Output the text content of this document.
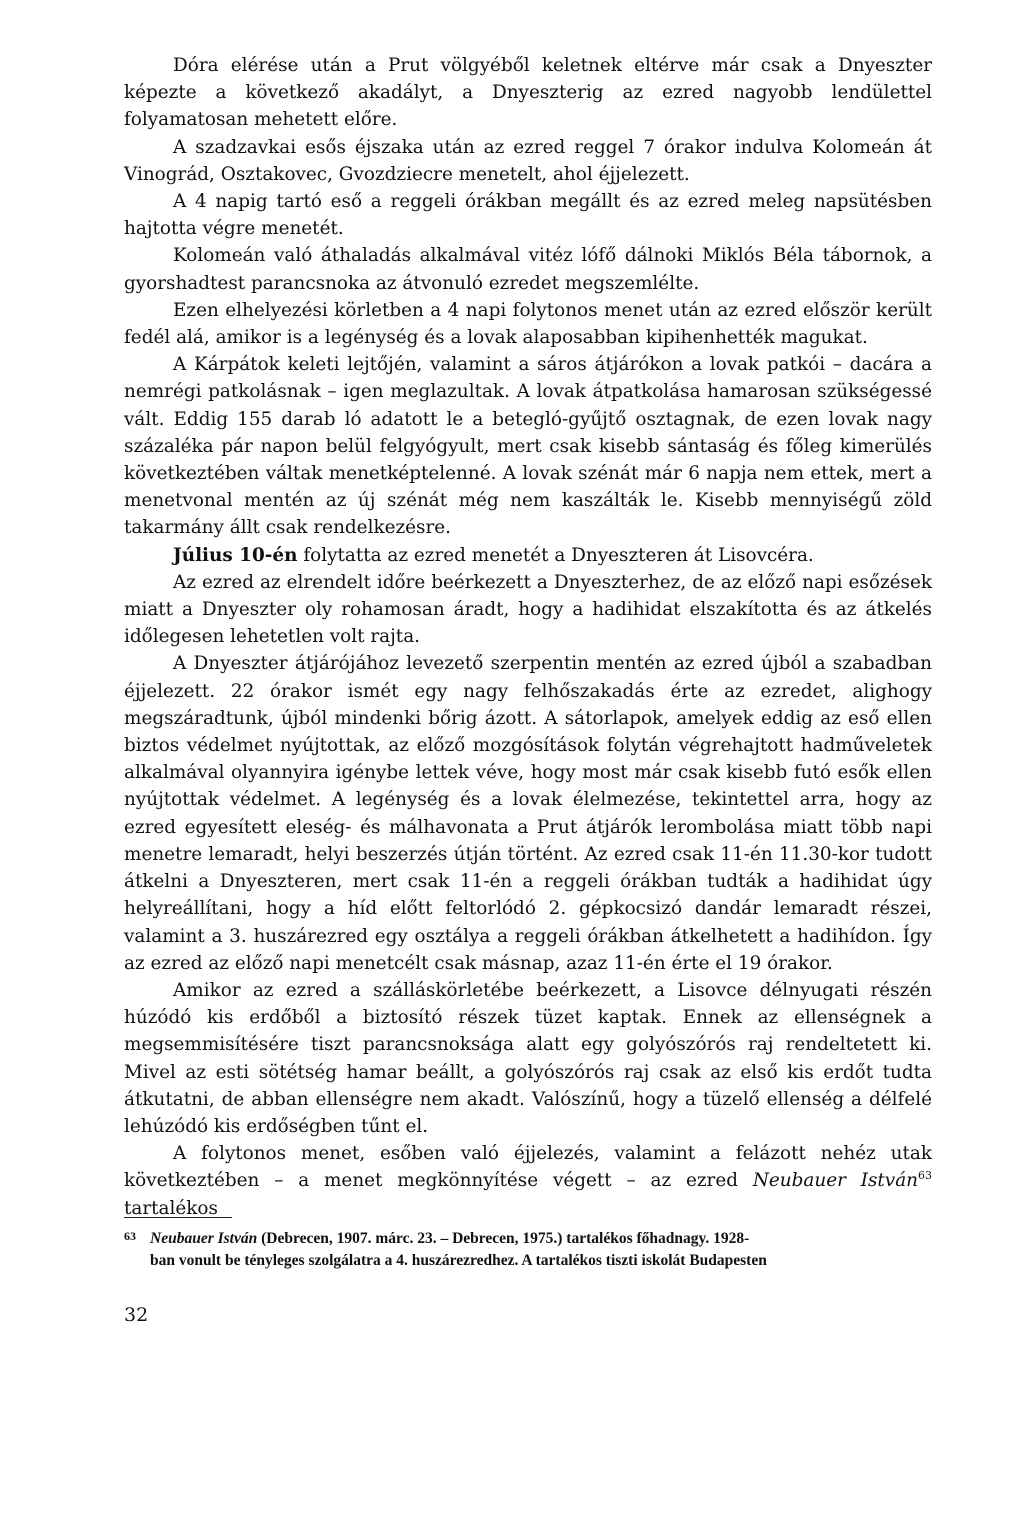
Dóra elérése után a Prut völgyéből keletnek eltérve már csak a Dnyeszter képezte a következő akadályt, a Dnyeszterig az ezred nagyobb lendülettel folyamatosan mehetett előre.

A szadzavkai esős éjszaka után az ezred reggel 7 órakor indulva Kolomeán át Vinográd, Osztakovec, Gvozdziecre menetelt, ahol éjjelezett.

A 4 napig tartó eső a reggeli órákban megállt és az ezred meleg napsütésben hajtotta végre menetét.

Kolomeán való áthaladás alkalmával vitéz lófő dálnoki Miklós Béla tábornok, a gyorshadtest parancsnoka az átvonuló ezredet megszemlélte.

Ezen elhelyezési körletben a 4 napi folytonos menet után az ezred először került fedél alá, amikor is a legénység és a lovak alaposabban kipihenhették magukat.

A Kárpátok keleti lejtőjén, valamint a sáros átjárókon a lovak patkói – dacára a nemrégi patkolásnak – igen meglazultak. A lovak átpatkolása hamarosan szükségessé vált. Eddig 155 darab ló adatott le a betegló-gyűjtő osztagnak, de ezen lovak nagy százaléka pár napon belül felgyógyult, mert csak kisebb sántaság és főleg kimerülés következtében váltak menetképtelenné. A lovak szénát már 6 napja nem ettek, mert a menetvonal mentén az új szénát még nem kaszálták le. Kisebb mennyiségű zöld takarmány állt csak rendelkezésre.

Július 10-én folytatta az ezred menetét a Dnyeszteren át Lisovcéra.

Az ezred az elrendelt időre beérkezett a Dnyeszterhez, de az előző napi esőzések miatt a Dnyeszter oly rohamosan áradt, hogy a hadihidat elszakította és az átkelés időlegesen lehetetlen volt rajta.

A Dnyeszter átjárójához levezető szerpentin mentén az ezred újból a szabadban éjjelezett. 22 órakor ismét egy nagy felhőszakadás érte az ezredet, alighogy megszáradtunk, újból mindenki bőrig ázott. A sátorlapok, amelyek eddig az eső ellen biztos védelmet nyújtottak, az előző mozgósítások folytán végrehajtott hadműveletek alkalmával olyannyira igénybe lettek véve, hogy most már csak kisebb futó esők ellen nyújtottak védelmet. A legénység és a lovak élelmezése, tekintettel arra, hogy az ezred egyesített eleség- és málhavonata a Prut átjárók lerombolása miatt több napi menetre lemaradt, helyi beszerzés útján történt. Az ezred csak 11-én 11.30-kor tudott átkelni a Dnyeszteren, mert csak 11-én a reggeli órákban tudták a hadihidat úgy helyreállítani, hogy a híd előtt feltorlódó 2. gépkocsizó dandár lemaradt részei, valamint a 3. huszárezred egy osztálya a reggeli órákban átkelhetett a hadihídon. Így az ezred az előző napi menetcélt csak másnap, azaz 11-én érte el 19 órakor.

Amikor az ezred a szálláskörletébe beérkezett, a Lisovce délnyugati részén húzódó kis erdőből a biztosító részek tüzet kaptak. Ennek az ellenségnek a megsemmisítésére tiszt parancsnoksága alatt egy golyószórós raj rendeltetett ki. Mivel az esti sötétség hamar beállt, a golyószórós raj csak az első kis erdőt tudta átkutatni, de abban ellenségre nem akadt. Valószínű, hogy a tüzelő ellenség a délfelé lehúzódó kis erdőségben tűnt el.

A folytonos menet, esőben való éjjelezés, valamint a felázott nehéz utak következtében – a menet megkönnyítése végett – az ezred Neubauer István$^{63}$ tartalékos

63 Neubauer István (Debrecen, 1907. márc. 23. – Debrecen, 1975.) tartalékos főhadnagy. 1928-
ban vonult be tényleges szolgálatra a 4. huszárezredhez. A tartalékos tiszti iskolát Budapesten
32
